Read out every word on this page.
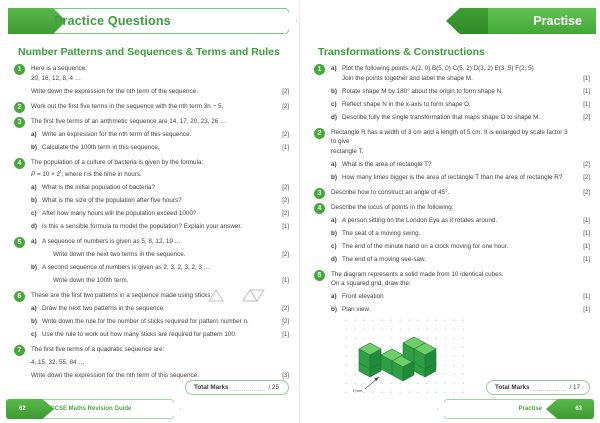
Practice Questions
Number Patterns and Sequences & Terms and Rules
1	Here is a sequence:
20, 16, 12, 8, 4 …
Write down the expression for the nth term of the sequence.	[2]
2	Work out the first five terms in the sequence with the nth term 3n − 5.	[2]
3	The first five terms of an arithmetic sequence are 14, 17, 20, 23, 26 …
a) Write an expression for the nth term of this sequence.	[2]
b) Calculate the 100th term in this sequence.	[1]
4	The population of a culture of bacteria is given by the formula:
$P = 10 \times 2^t$, where t is the time in hours.
a) What is the initial population of bacteria?	[2]
b) What is the size of the population after five hours?	[2]
c) After how many hours will the population exceed 1000?	[2]
d) Is this a sensible formula to model the population? Explain your answer.	[1]
5	a) A sequence of numbers is given as 5, 8, 12, 19 …
Write down the next two terms in the sequence.	[2]
b) A second sequence of numbers is given as 2, 3, 2, 3, 2, 3 …
Write down the 100th term.	[1]
6	These are the first two patterns in a sequence made using sticks:
a) Draw the next two patterns in the sequence.	[2]
b) Write down the rule for the number of sticks required for pattern number n.	[2]
c) Use the rule to work out how many sticks are required for pattern 100.	[1]
7	The first five terms of a quadratic sequence are:
4, 15, 32, 55, 84 …
Write down the expression for the nth term of this sequence.	[3]
Total Marks	/ 25
62	GCSE Maths Revision Guide
Practise
Transformations & Constructions
1	a) Plot the following points: A(2, 0) B(5, 0) C(5, 2) D(3, 2) E(3, 5) F(2, 5)
Join the points together and label the shape M.	[1]
b) Rotate shape M by 180° about the origin to form shape N.	[1]
c) Reflect shape N in the x-axis to form shape O.	[1]
d) Describe fully the single transformation that maps shape O to shape M.	[2]
2	Rectangle R has a width of 3 cm and a length of 5 cm. It is enlarged by scale factor 3 to give
rectangle T.
a) What is the area of rectangle T?	[2]
b) How many times bigger is the area of rectangle T than the area of rectangle R?	[2]
3	Describe how to construct an angle of 45°.	[2]
4	Describe the locus of points in the following:
a) A person sitting on the London Eye as it rotates around.	[1]
b) The seat of a moving swing.	[1]
c) The end of the minute hand on a clock moving for one hour.	[1]
d) The end of a moving see-saw.	[1]
5	The diagram represents a solid made from 10 identical cubes.
On a squared grid, draw the:
a) Front elevation	[1]
b) Plan view.	[1]
Front	Total Marks	/ 17
63
Practise
